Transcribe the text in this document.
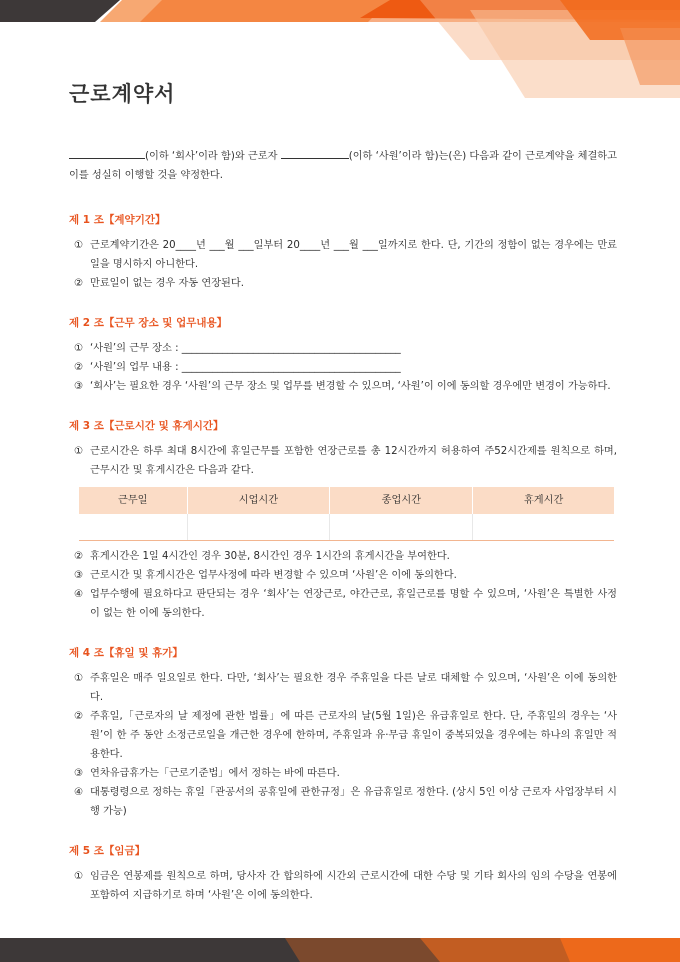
근로계약서

(이하 ‘회사’이라 함)와 근로자	(이하 ‘사원’이라 함)는(은) 다음과 같이 근로계약을 체결하고 이를 성실히 이행할 것을 약정한다.

제 1 조【계약기간】
① 근로계약기간은 20____년 ___월 ___일부터 20____년 ___월 ___일까지로 한다. 단, 기간의 정함이 없는 경우에는 만료일을 명시하지 아니한다.
② 만료일이 없는 경우 자동 연장된다.
제 2 조【근무 장소 및 업무내용】
① ‘사원’의 근무 장소 : ___________________________________________
② ‘사원’의 업무 내용 : ___________________________________________
③ ‘회사’는 필요한 경우 ‘사원’의 근무 장소 및 업무를 변경할 수 있으며, ‘사원’이 이에 동의할 경우에만 변경이 가능하다.
제 3 조【근로시간 및 휴게시간】
① 근로시간은 하루 최대 8시간에 휴일근무를 포함한 연장근로를 총 12시간까지 허용하여 주52시간제를 원칙으로 하며, 근무시간 및 휴게시간은 다음과 같다.
근무일	시업시간	종업시간	휴게시간

② 휴게시간은 1일 4시간인 경우 30분, 8시간인 경우 1시간의 휴게시간을 부여한다.
③ 근로시간 및 휴게시간은 업무사정에 따라 변경할 수 있으며 ‘사원’은 이에 동의한다.
④ 업무수행에 필요하다고 판단되는 경우 ‘회사’는 연장근로, 야간근로, 휴일근로를 명할 수 있으며, ‘사원’은 특별한 사정이 없는 한 이에 동의한다.
제 4 조【휴일 및 휴가】
① 주휴일은 매주 일요일로 한다. 다만, ‘회사’는 필요한 경우 주휴일을 다른 날로 대체할 수 있으며, ‘사원’은 이에 동의한다.
② 주휴일,「근로자의 날 제정에 관한 법률」에 따른 근로자의 날(5월 1일)은 유급휴일로 한다. 단, 주휴일의 경우는 ‘사원’이 한 주 동안 소정근로일을 개근한 경우에 한하며, 주휴일과 유·무급 휴일이 중복되었을 경우에는 하나의 휴일만 적용한다.
③ 연차유급휴가는「근로기준법」에서 정하는 바에 따른다.
④ 대통령령으로 정하는 휴일「관공서의 공휴일에 관한규정」은 유급휴일로 정한다. (상시 5인 이상 근로자 사업장부터 시행 가능)
제 5 조【임금】
① 임금은 연봉제를 원칙으로 하며, 당사자 간 합의하에 시간외 근로시간에 대한 수당 및 기타 회사의 임의 수당을 연봉에 포함하여 지급하기로 하며 ‘사원’은 이에 동의한다.
